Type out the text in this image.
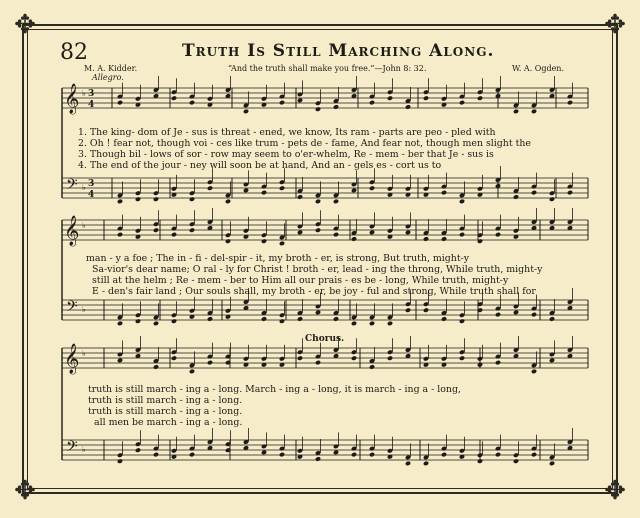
✥	✥
✥	✥
82	Truth Is Still Marching Along.
M. A. Kidder.
Allegro.
“And the truth shall make you free.”—John 8: 32.	W. A. Ogden.
𝄞
𝄢
♭
♭
𝄞
𝄢
♭
♭
𝄞
𝄢
♭
♭
3
4
3
4
1. The king- dom of Je - sus is threat - ened, we know, Its ram - parts are peo - pled with
2. Oh ! fear not, though voi - ces like trum - pets de - fame, And fear not, though men slight the
3. Though bil - lows of sor - row may seem to o'er-whelm, Re - mem - ber that Je - sus is
4. The end of the jour - ney will soon be at hand, And an - gels es - cort us to
man - y a foe ; The in - fi - del-spir - it, my broth - er, is strong, But truth, might-y
Sa-vior's dear name; O ral - ly for Christ ! broth - er, lead - ing the throng, While truth, might-y
still at the helm ; Re - mem - ber to Him all our prais - es be - long, While truth, might-y
E - den's fair land ; Our souls shall, my broth - er, be joy - ful and strong, While truth shall for
Chorus.
truth is still march - ing a - long. March - ing a - long, it is march - ing a - long,
truth is still march - ing a - long.
truth is still march - ing a - long.
all men be march - ing a - long.
